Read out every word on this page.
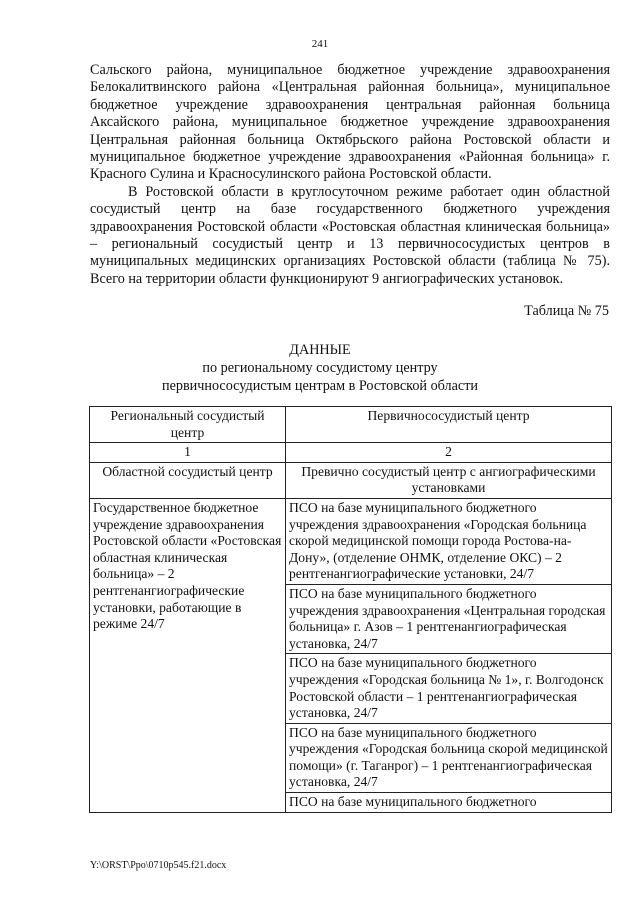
241

Сальского района, муниципальное бюджетное учреждение здравоохранения Белокалитвинского района «Центральная районная больница», муниципальное бюджетное учреждение здравоохранения центральная районная больница Аксайского района, муниципальное бюджетное учреждение здравоохранения Центральная районная больница Октябрьского района Ростовской области и муниципальное бюджетное учреждение здравоохранения «Районная больница» г. Красного Сулина и Красносулинского района Ростовской области.

В Ростовской области в круглосуточном режиме работает один областной сосудистый центр на базе государственного бюджетного учреждения здравоохранения Ростовской области «Ростовская областная клиническая больница» – региональный сосудистый центр и 13 первичнососудистых центров в муниципальных медицинских организациях Ростовской области (таблица № 75). Всего на территории области функционируют 9 ангиографических установок.

Таблица № 75
ДАННЫЕ
по региональному сосудистому центру
первичнососудистым центрам в Ростовской области
Региональный сосудистый центр	Первичнососудистый центр
1	2
Областной сосудистый центр	Превично сосудистый центр с ангиографическими установками
Государственное бюджетное учреждение здравоохранения Ростовской области «Ростовская областная клиническая больница» – 2 рентгенангиографические установки, работающие в режиме 24/7	ПСО на базе муниципального бюджетного учреждения здравоохранения «Городская больница скорой медицинской помощи города Ростова-на-Дону», (отделение ОНМК, отделение ОКС) – 2 рентгенангиографические установки, 24/7
	ПСО на базе муниципального бюджетного учреждения здравоохранения «Центральная городская больница» г. Азов – 1 рентгенангиографическая установка, 24/7
	ПСО на базе муниципального бюджетного учреждения «Городская больница № 1», г. Волгодонск Ростовской области – 1 рентгенангиографическая установка, 24/7
	ПСО на базе муниципального бюджетного учреждения «Городская больница скорой медицинской помощи» (г. Таганрог) – 1 рентгенангиографическая установка, 24/7
	ПСО на базе муниципального бюджетного
Y:\ORST\Ppo\0710p545.f21.docx
